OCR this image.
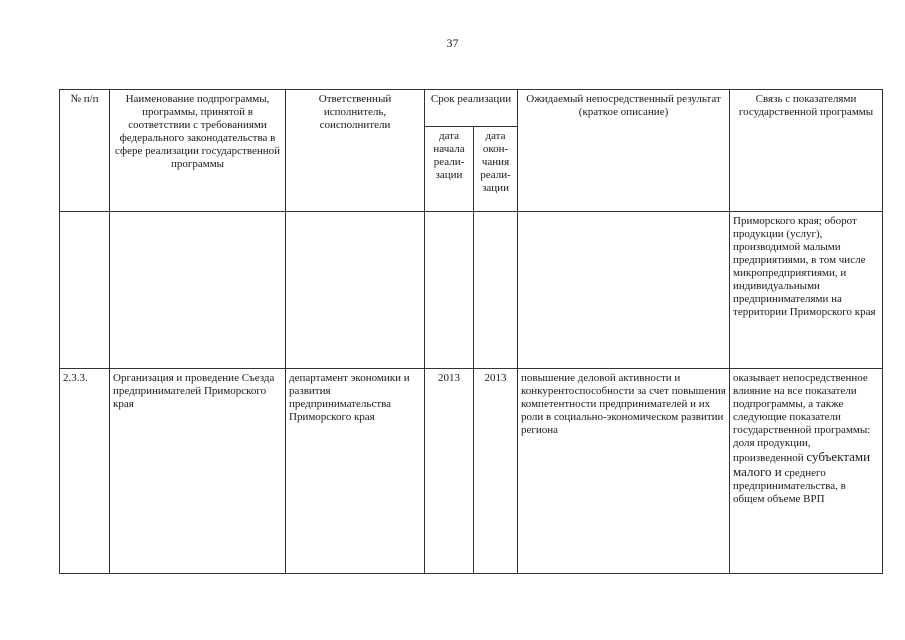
37
№ п/п	Наименование подпрограммы, программы, принятой в соответствии с требованиями федерального законодательства в сфере реализации государственной программы	Ответственный исполнитель, соисполнители	Срок реализации		Ожидаемый непосредственный результат (краткое описание)	Связь с показателями государственной программы
			дата начала реали-зации	дата окон-чания реали-зации		
						Приморского края; оборот продукции (услуг), производимой малыми предприятиями, в том числе микропредприятиями, и индивидуальными предпринимателями на территории Приморского края
2.3.3.	Организация и проведение Съезда предпринимателей Приморского края	департамент экономики и развития предпринимательства Приморского края	2013	2013	повышение деловой активности и конкурентоспособности за счет повышения компетентности предпринимателей и их роли в социально-экономическом развитии региона	оказывает непосредственное влияние на все показатели подпрограммы, а также следующие показатели государственной программы: доля продукции, произведенной субъектами малого и среднего предпринимательства, в общем объеме ВРП
